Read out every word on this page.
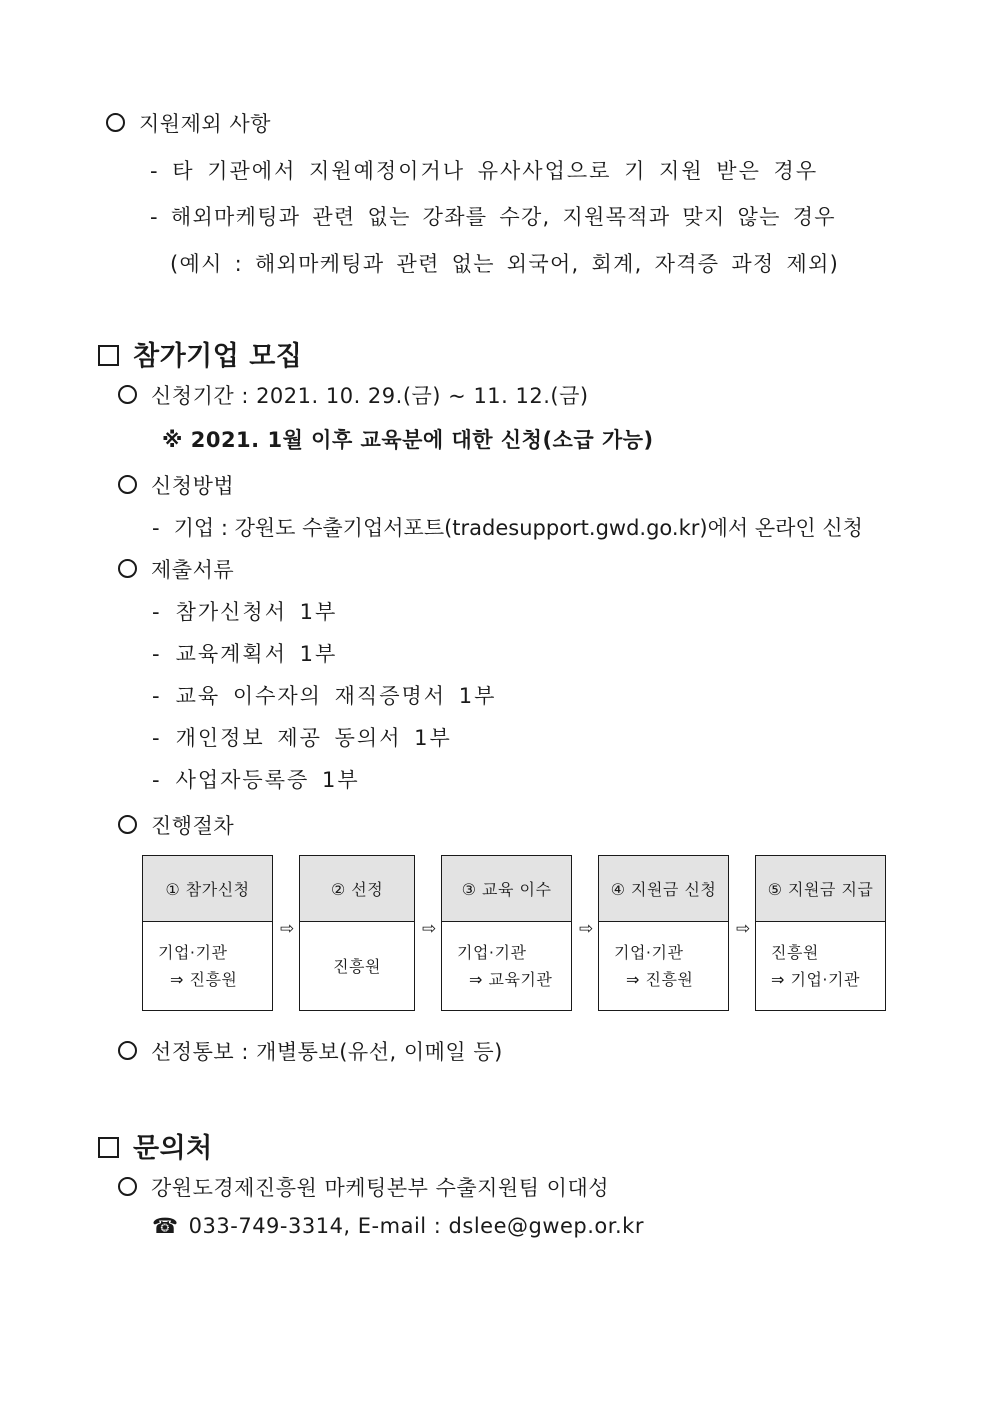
지원제외 사항
- 타 기관에서 지원예정이거나 유사사업으로 기 지원 받은 경우
- 해외마케팅과 관련 없는 강좌를 수강, 지원목적과 맞지 않는 경우
(예시 : 해외마케팅과 관련 없는 외국어, 회계, 자격증 과정 제외)
참가기업 모집
신청기간 : 2021. 10. 29.(금) ~ 11. 12.(금)
※ 2021. 1월 이후 교육분에 대한 신청(소급 가능)
신청방법
- 기업 : 강원도 수출기업서포트(tradesupport.gwd.go.kr)에서 온라인 신청
제출서류
- 참가신청서 1부
- 교육계획서 1부
- 교육 이수자의 재직증명서 1부
- 개인정보 제공 동의서 1부
- 사업자등록증 1부
진행절차
① 참가신청
기업·기관
⇒ 진흥원
⇨
② 선정
진흥원
⇨
③ 교육 이수
기업·기관
⇒ 교육기관
⇨
④ 지원금 신청
기업·기관
⇒ 진흥원
⇨
⑤ 지원금 지급
진흥원
⇒ 기업·기관
선정통보 : 개별통보(유선, 이메일 등)
문의처
강원도경제진흥원 마케팅본부 수출지원팀 이대성
☎ 033-749-3314, E-mail : dslee@gwep.or.kr
